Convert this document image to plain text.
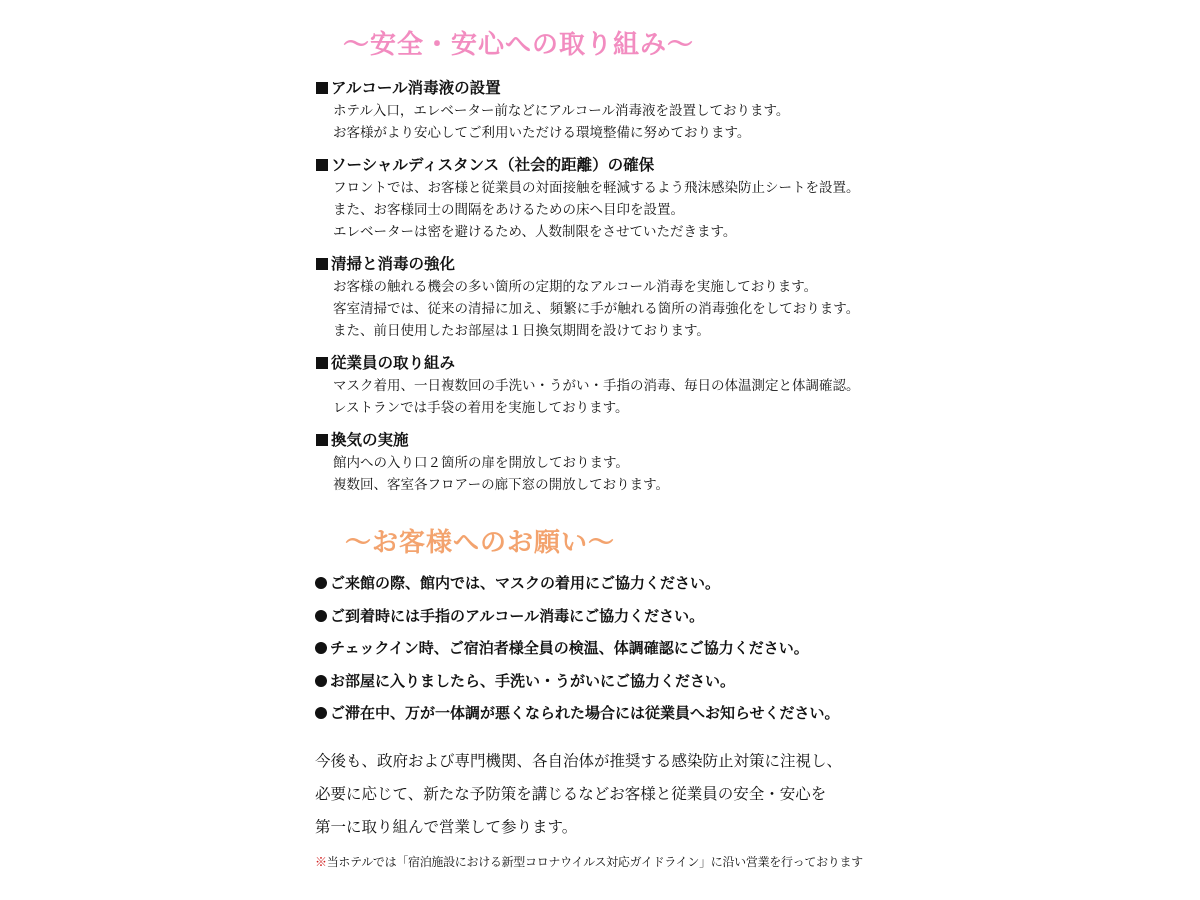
～安全・安心への取り組み～
アルコール消毒液の設置
ホテル入口，エレベーター前などにアルコール消毒液を設置しております。
お客様がより安心してご利用いただける環境整備に努めております。
ソーシャルディスタンス（社会的距離）の確保
フロントでは、お客様と従業員の対面接触を軽減するよう飛沫感染防止シートを設置。
また、お客様同士の間隔をあけるための床へ目印を設置。
エレベーターは密を避けるため、人数制限をさせていただきます。
清掃と消毒の強化
お客様の触れる機会の多い箇所の定期的なアルコール消毒を実施しております。
客室清掃では、従来の清掃に加え、頻繁に手が触れる箇所の消毒強化をしております。
また、前日使用したお部屋は１日換気期間を設けております。
従業員の取り組み
マスク着用、一日複数回の手洗い・うがい・手指の消毒、毎日の体温測定と体調確認。
レストランでは手袋の着用を実施しております。
換気の実施
館内への入り口２箇所の扉を開放しております。
複数回、客室各フロアーの廊下窓の開放しております。
～お客様へのお願い～
ご来館の際、館内では、マスクの着用にご協力ください。
ご到着時には手指のアルコール消毒にご協力ください。
チェックイン時、ご宿泊者様全員の検温、体調確認にご協力ください。
お部屋に入りましたら、手洗い・うがいにご協力ください。
ご滞在中、万が一体調が悪くなられた場合には従業員へお知らせください。
今後も、政府および専門機関、各自治体が推奨する感染防止対策に注視し、
必要に応じて、新たな予防策を講じるなどお客様と従業員の安全・安心を
第一に取り組んで営業して参ります。
※当ホテルでは「宿泊施設における新型コロナウイルス対応ガイドライン」に沿い営業を行っております
